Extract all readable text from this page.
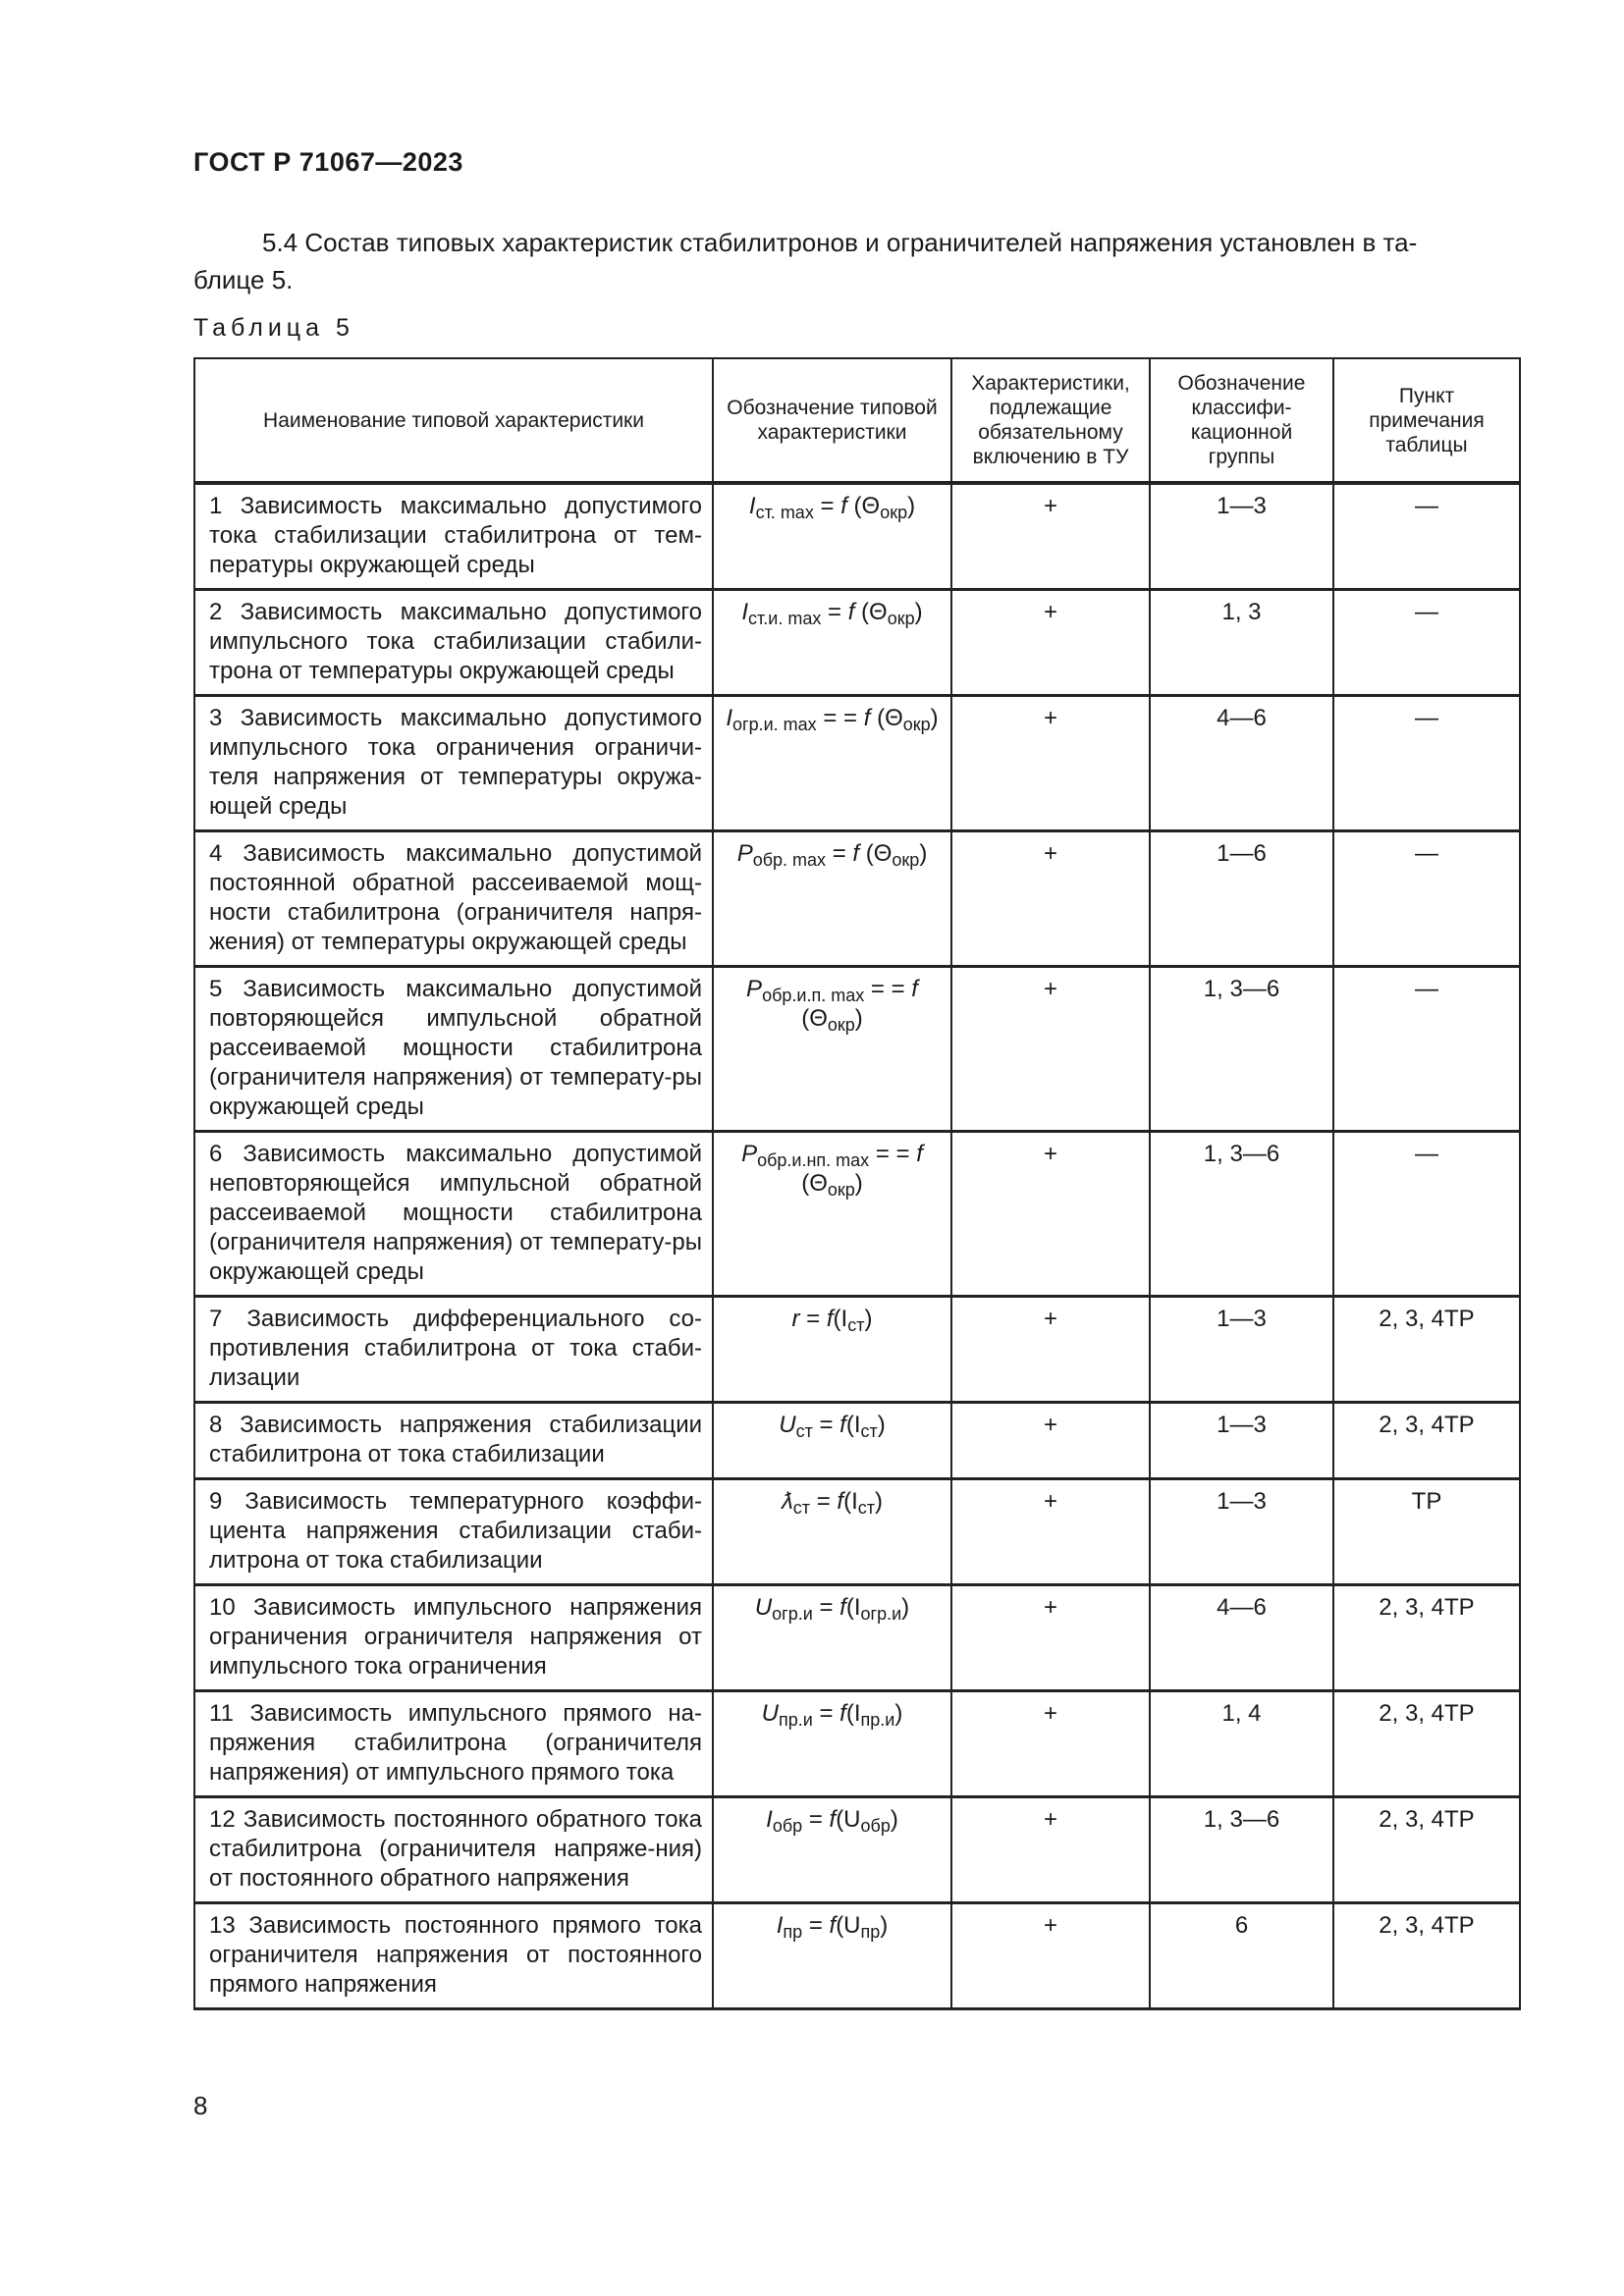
ГОСТ Р 71067—2023
5.4 Состав типовых характеристик стабилитронов и ограничителей напряжения установлен в та-
блице 5.
Таблица 5
Наименование типовой характеристики	Обозначение типовой характеристики	Характеристики, подлежащие обязательному включению в ТУ	Обозначение классифи-кационной группы	Пункт примечания таблицы
1 Зависимость максимально допустимого тока стабилизации стабилитрона от тем-пературы окружающей среды	$I_{ст. max} = f$ $(\Theta_{окр})$	+	1—3	—
2 Зависимость максимально допустимого импульсного тока стабилизации стабили-трона от температуры окружающей среды	$I_{ст.и. max} = f$ $(\Theta_{окр})$	+	1, 3	—
3 Зависимость максимально допустимого импульсного тока ограничения ограничи-теля напряжения от температуры окружа-ющей среды	$I_{огр.и. max}$ = = f $(\Theta_{окр})$	+	4—6	—
4 Зависимость максимально допустимой постоянной обратной рассеиваемой мощ-ности стабилитрона (ограничителя напря-жения) от температуры окружающей среды	$P_{обр. max} = f$ $(\Theta_{окр})$	+	1—6	—
5 Зависимость максимально допустимой повторяющейся импульсной обратной рассеиваемой мощности стабилитрона (ограничителя напряжения) от температу-ры окружающей среды	$P_{обр.и.п. max}$ = = f $(\Theta_{окр})$	+	1, 3—6	—
6 Зависимость максимально допустимой неповторяющейся импульсной обратной рассеиваемой мощности стабилитрона (ограничителя напряжения) от температу-ры окружающей среды	$P_{обр.и.нп. max}$ = = f $(\Theta_{окр})$	+	1, 3—6	—
7 Зависимость дифференциального со-противления стабилитрона от тока стаби-лизации	$r = f(I_{ст})$	+	1—3	2, 3, 4ТР
8 Зависимость напряжения стабилизации стабилитрона от тока стабилизации	$U_{ст} = f(I_{ст})$	+	1—3	2, 3, 4ТР
9 Зависимость температурного коэффи-циента напряжения стабилизации стаби-литрона от тока стабилизации	$ƛ_{ст} = f(I_{ст})$	+	1—3	ТР
10 Зависимость импульсного напряжения ограничения ограничителя напряжения от импульсного тока ограничения	$U_{огр.и} = f(I_{огр.и})$	+	4—6	2, 3, 4ТР
11 Зависимость импульсного прямого на-пряжения стабилитрона (ограничителя напряжения) от импульсного прямого тока	$U_{пр.и} = f(I_{пр.и})$	+	1, 4	2, 3, 4ТР
12 Зависимость постоянного обратного тока стабилитрона (ограничителя напряже-ния) от постоянного обратного напряжения	$I_{обр} = f(U_{обр})$	+	1, 3—6	2, 3, 4ТР
13 Зависимость постоянного прямого тока ограничителя напряжения от постоянного прямого напряжения	$I_{пр} = f(U_{пр})$	+	6	2, 3, 4ТР
8
